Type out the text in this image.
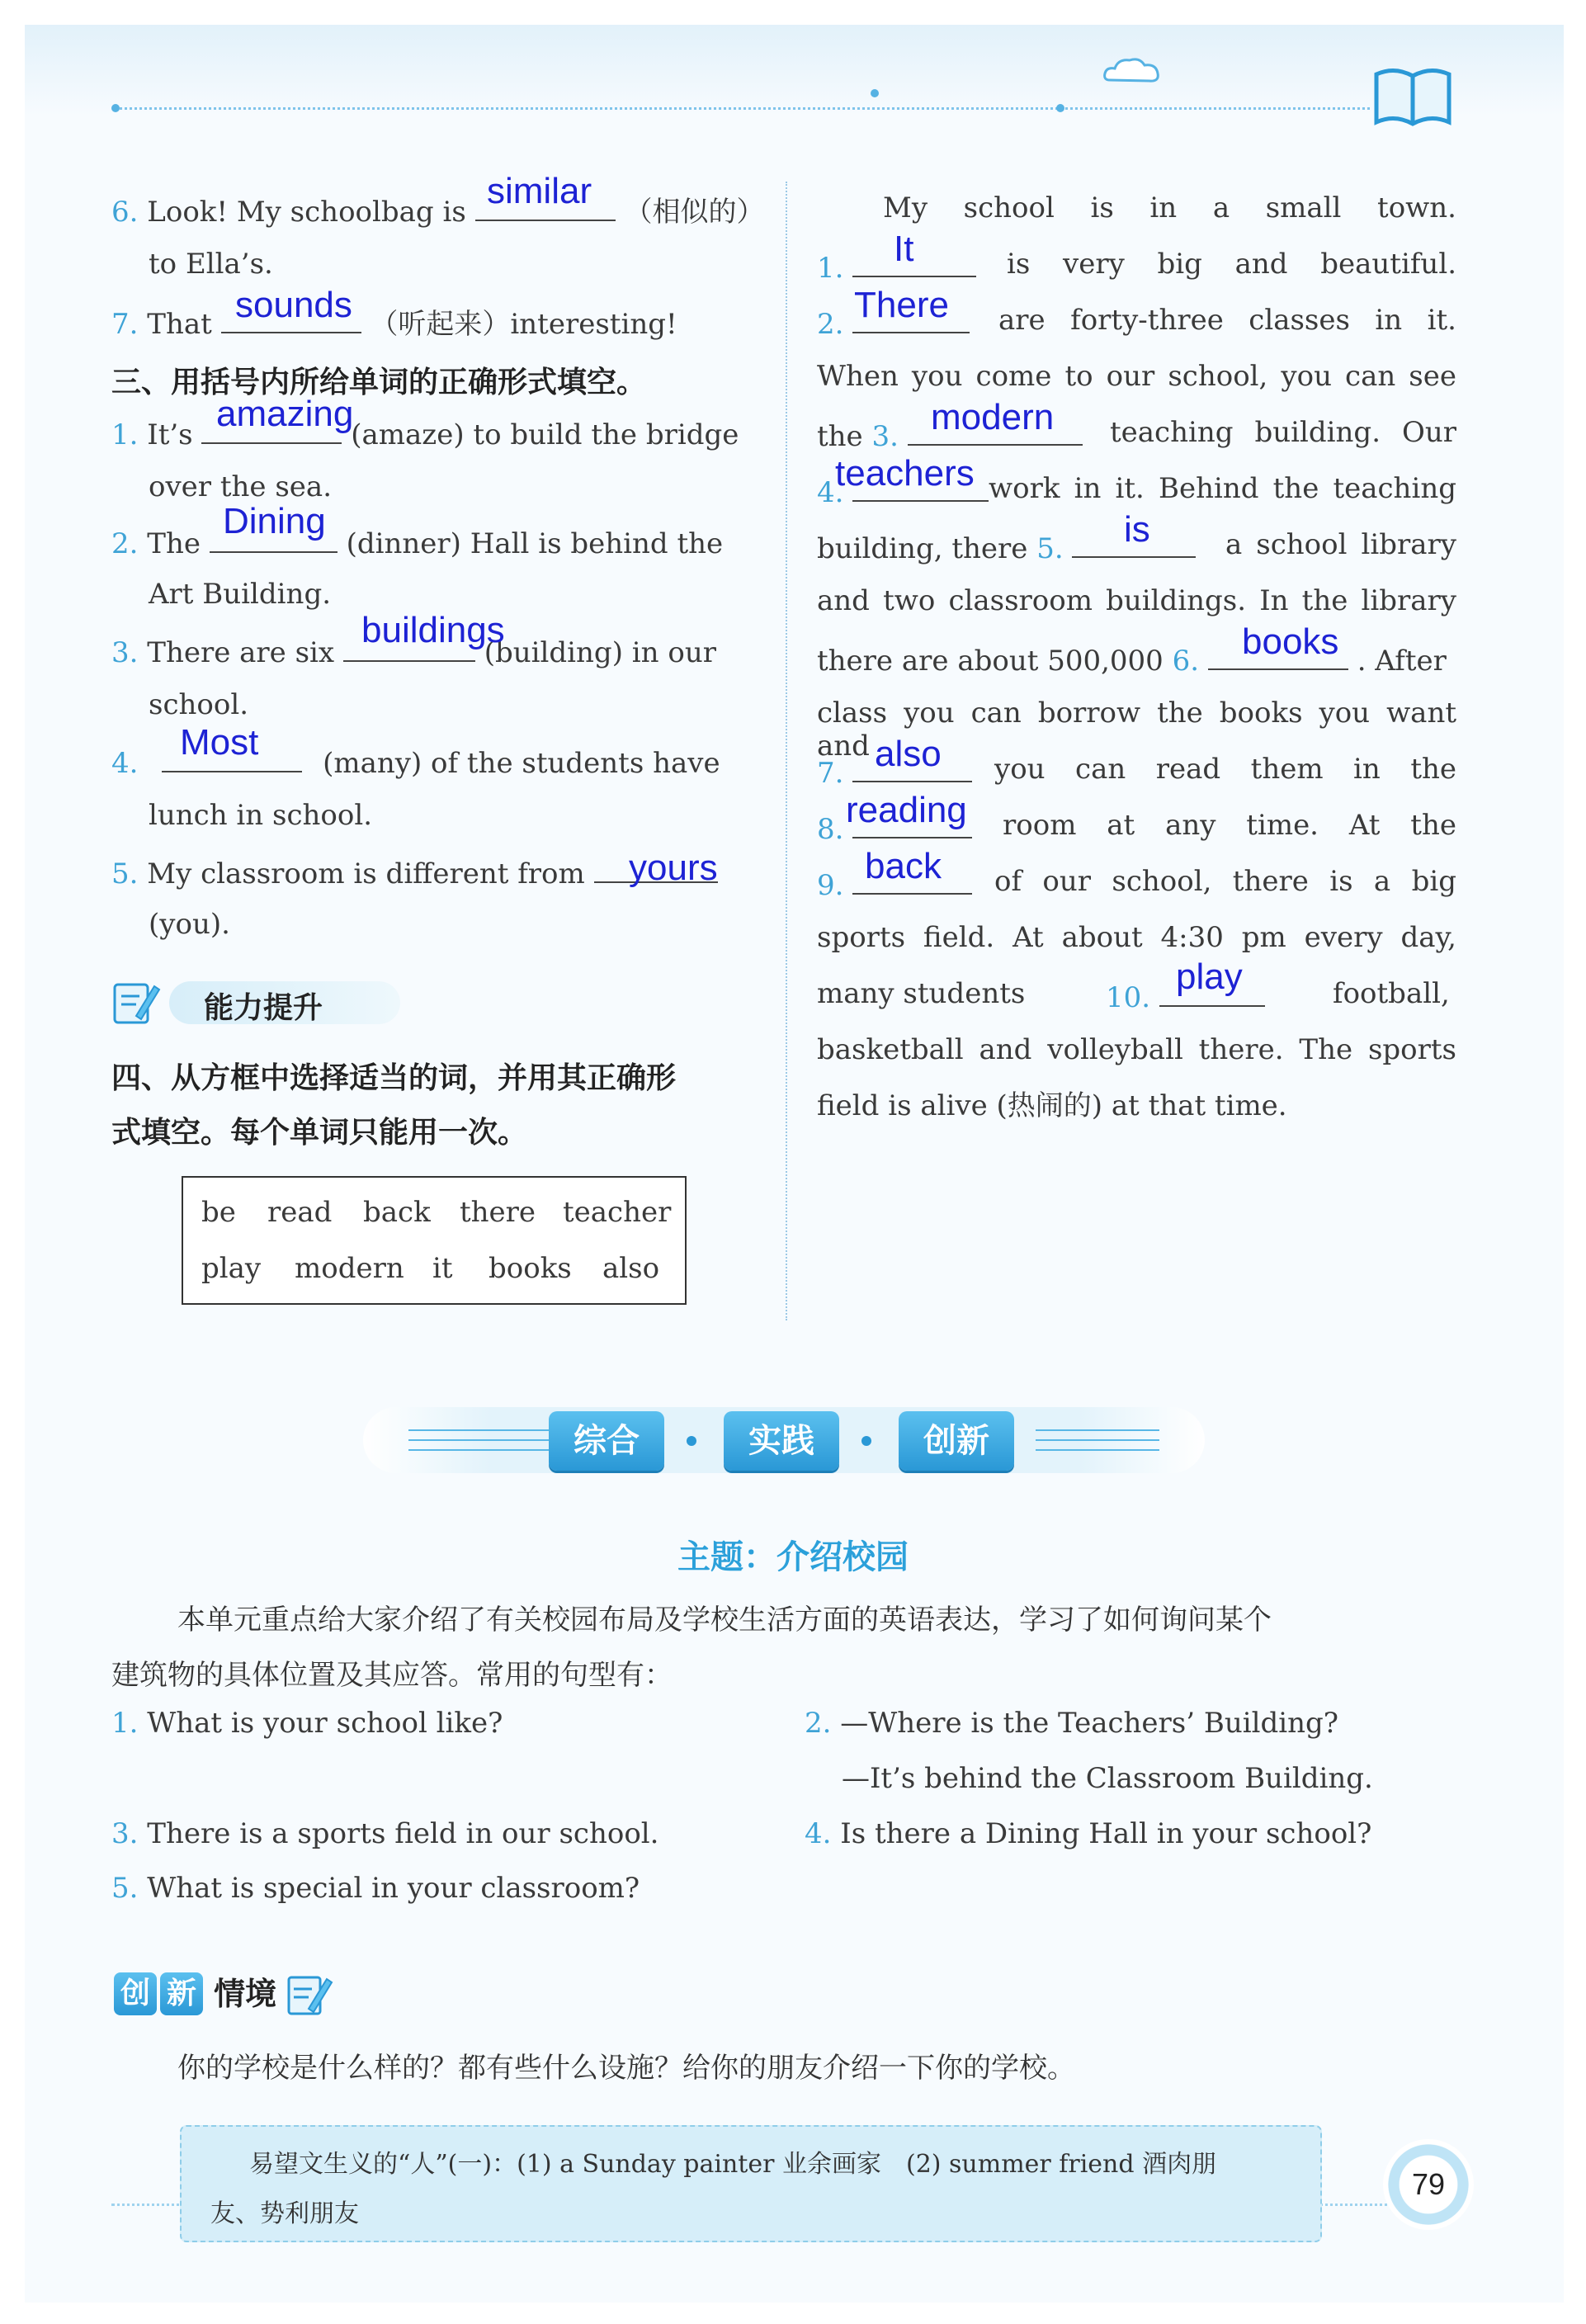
6. Look! My schoolbag is	（相似的）
similar
to Ella’s.
7. That	（听起来）interesting!
sounds
三、用括号内所给单词的正确形式填空。
1. It’s	(amaze) to build the bridge
amazing
over the sea.
2. The	(dinner) Hall is behind the
Dining
Art Building.
3. There are six	(building) in our
buildings
school.
4.	(many) of the students have
Most
lunch in school.
5. My classroom is different from	yours
(you).
能力提升
四、从方框中选择适当的词，并用其正确形
式填空。每个单词只能用一次。
be read back there teacher
play modern it books also
My school is in a small town.
1.	It	is very big and beautiful.
2. There are forty-three classes in it.
When you come to our school, you can see
the 3. modern teaching building. Our
4.
teachers work in it. Behind the teaching
building, there 5.	is	a school library
and two classroom buildings. In the library
there are about 500,000 6.	. After
books
class you can borrow the books you want and
7. also you can read them in the
8. reading room at any time. At the
9. back of our school, there is a big
sports field. At about 4:30 pm every day,
many students	10.
play	football,
basketball and volleyball there. The sports
field is alive (热闹的) at that time.
综合	实践	创新
主题：介绍校园
本单元重点给大家介绍了有关校园布局及学校生活方面的英语表达，学习了如何询问某个
建筑物的具体位置及其应答。常用的句型有：
1. What is your school like?	2. —Where is the Teachers’ Building?
—It’s behind the Classroom Building.
3. There is a sports field in our school.	4. Is there a Dining Hall in your school?
5. What is special in your classroom?
创 新 情境
你的学校是什么样的？都有些什么设施？给你的朋友介绍一下你的学校。
易望文生义的“人”(一)：(1) a Sunday painter 业余画家　(2) summer friend 酒肉朋
友、势利朋友
79
